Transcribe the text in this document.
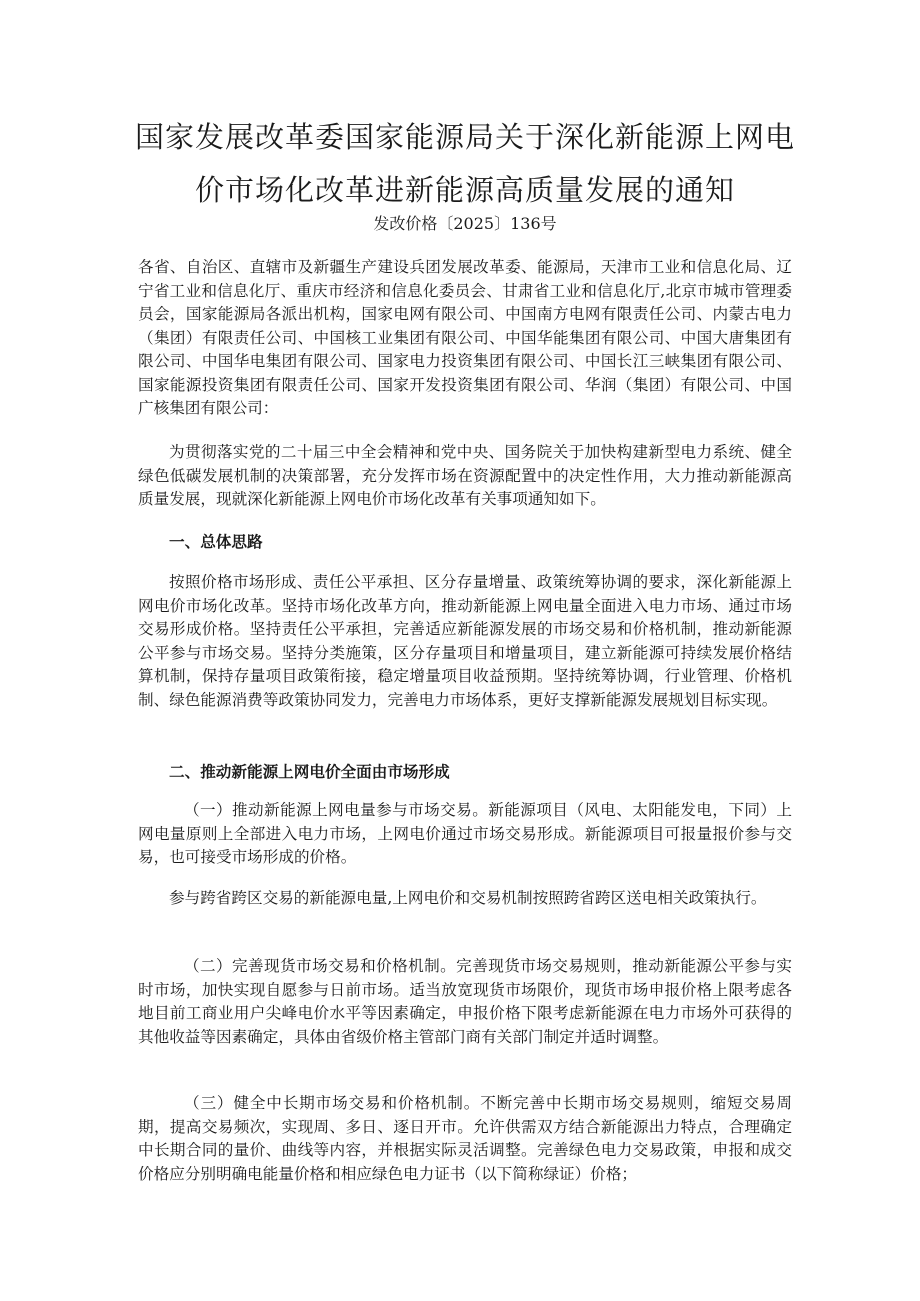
国家发展改革委国家能源局关于深化新能源上网电
价市场化改革进新能源高质量发展的通知
发改价格〔2025〕136号

各省、自治区、直辖市及新疆生产建设兵团发展改革委、能源局，天津市工业和信息化局、辽宁省工业和信息化厅、重庆市经济和信息化委员会、甘肃省工业和信息化厅,北京市城市管理委员会，国家能源局各派出机构，国家电网有限公司、中国南方电网有限责任公司、内蒙古电力（集团）有限责任公司、中国核工业集团有限公司、中国华能集团有限公司、中国大唐集团有限公司、中国华电集团有限公司、国家电力投资集团有限公司、中国长江三峡集团有限公司、国家能源投资集团有限责任公司、国家开发投资集团有限公司、华润（集团）有限公司、中国广核集团有限公司：

为贯彻落实党的二十届三中全会精神和党中央、国务院关于加快构建新型电力系统、健全绿色低碳发展机制的决策部署，充分发挥市场在资源配置中的决定性作用，大力推动新能源高质量发展，现就深化新能源上网电价市场化改革有关事项通知如下。

一、总体思路

按照价格市场形成、责任公平承担、区分存量增量、政策统筹协调的要求，深化新能源上网电价市场化改革。坚持市场化改革方向，推动新能源上网电量全面进入电力市场、通过市场交易形成价格。坚持责任公平承担，完善适应新能源发展的市场交易和价格机制，推动新能源公平参与市场交易。坚持分类施策，区分存量项目和增量项目，建立新能源可持续发展价格结算机制，保持存量项目政策衔接，稳定增量项目收益预期。坚持统筹协调，行业管理、价格机制、绿色能源消费等政策协同发力，完善电力市场体系，更好支撑新能源发展规划目标实现。

二、推动新能源上网电价全面由市场形成

（一）推动新能源上网电量参与市场交易。新能源项目（风电、太阳能发电，下同）上网电量原则上全部进入电力市场，上网电价通过市场交易形成。新能源项目可报量报价参与交易，也可接受市场形成的价格。

参与跨省跨区交易的新能源电量,上网电价和交易机制按照跨省跨区送电相关政策执行。

（二）完善现货市场交易和价格机制。完善现货市场交易规则，推动新能源公平参与实时市场，加快实现自愿参与日前市场。适当放宽现货市场限价，现货市场申报价格上限考虑各地目前工商业用户尖峰电价水平等因素确定，申报价格下限考虑新能源在电力市场外可获得的其他收益等因素确定，具体由省级价格主管部门商有关部门制定并适时调整。

（三）健全中长期市场交易和价格机制。不断完善中长期市场交易规则，缩短交易周期，提高交易频次，实现周、多日、逐日开市。允许供需双方结合新能源出力特点，合理确定中长期合同的量价、曲线等内容，并根据实际灵活调整。完善绿色电力交易政策，申报和成交价格应分别明确电能量价格和相应绿色电力证书（以下简称绿证）价格；
